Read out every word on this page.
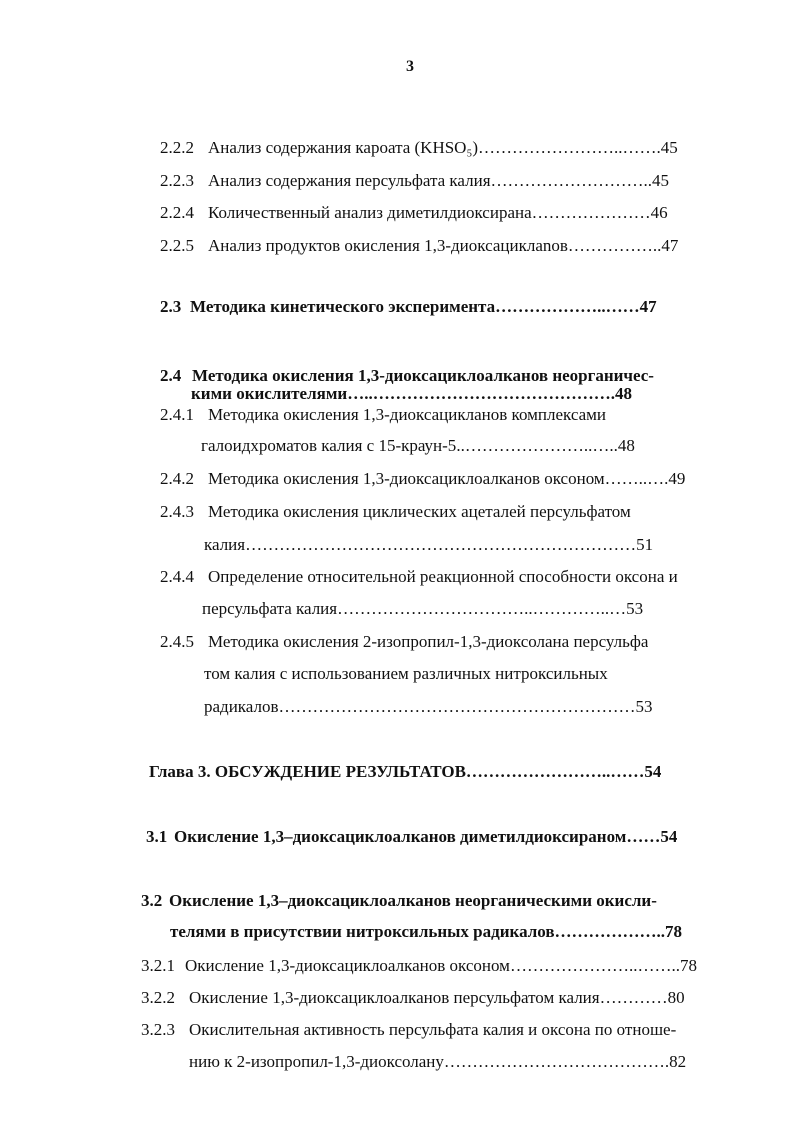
3
2.2.2 Анализ содержания кароата (KHSO₅)……………………..…….45
2.2.3 Анализ содержания персульфата калия………………………..45
2.2.4 Количественный анализ диметилдиоксирана…………………46
2.2.5 Анализ продуктов окисления 1,3-диоксациклanов……………..47
2.3 Методика кинетического эксперимента………………..……47
2.4 Методика окисления 1,3-диоксациклоалканов неорганичес-
кими окислителями…..…………………………………….48
2.4.1 Методика окисления 1,3-диоксацикланов комплексами
галоидхроматов калия с 15-краун-5..…………………..…..48
2.4.2 Методика окисления 1,3-диоксациклоалканов оксоном……..….49
2.4.3 Методика окисления циклических ацеталей персульфатом
калия……………………………………………………………51
2.4.4 Определение относительной реакционной способности оксона и
персульфата калия……………………………..…………..…53
2.4.5 Методика окисления 2-изопропил-1,3-диоксолана персульфа
том калия с использованием различных нитроксильных
радикалов………………………………………………………53
Глава 3. ОБСУЖДЕНИЕ РЕЗУЛЬТАТОВ……………………..……54
3.1 Окисление 1,3–диоксациклоалканов диметилдиоксираном……54
3.2 Окисление 1,3–диоксациклоалканов неорганическими окисли-
телями в присутствии нитроксильных радикалов………………..78
3.2.1 Окисление 1,3-диоксациклоалканов оксоном…………………..……..78
3.2.2 Окисление 1,3-диоксациклоалканов персульфатом калия…………80
3.2.3 Окислительная активность персульфата калия и оксона по отноше-
нию к 2-изопропил-1,3-диоксолану………………………………….82
